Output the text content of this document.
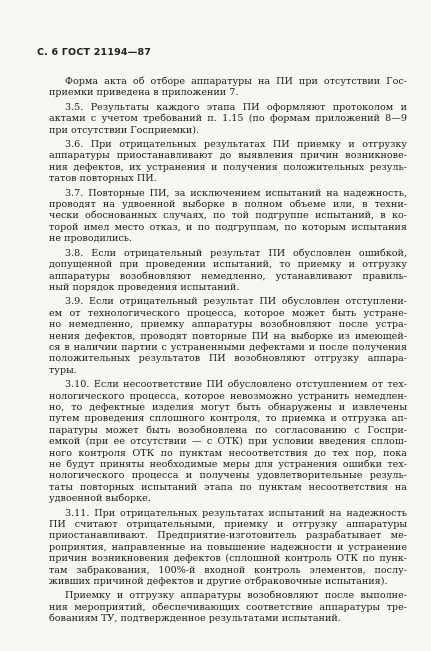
С. 6 ГОСТ 21194—87
Форма акта об отборе аппаратуры на ПИ при отсутствии Гос-
приемки приведена в приложении 7.
3.5. Результаты каждого этапа ПИ оформляют протоколом и
актами с учетом требований п. 1.15 (по формам приложений 8—9
при отсутствии Госприемки).
3.6. При отрицательных результатах ПИ приемку и отгрузку
аппаратуры приостанавливают до выявления причин возникнове-
ния дефектов, их устранения и получения положительных резуль-
татов повторных ПИ.
3.7. Повторные ПИ, за исключением испытаний на надежность,
проводят на удвоенной выборке в полном объеме или, в техни-
чески обоснованных случаях, по той подгруппе испытаний, в ко-
торой имел место отказ, и по подгруппам, по которым испытания
не проводились.
3.8. Если отрицательный результат ПИ обусловлен ошибкой,
допущенной при проведении испытаний, то приемку и отгрузку
аппаратуры возобновляют немедленно, устанавливают правиль-
ный порядок проведения испытаний.
3.9. Если отрицательный результат ПИ обусловлен отступлени-
ем от технологического процесса, которое может быть устране-
но немедленно, приемку аппаратуры возобновляют после устра-
нения дефектов, проводят повторные ПИ на выборке из имеющей-
ся в наличии партии с устраненными дефектами и после получения
положительных результатов ПИ возобновляют отгрузку аппара-
туры.
3.10. Если несоответствие ПИ обусловлено отступлением от тех-
нологического процесса, которое невозможно устранить немедлен-
но, то дефектные изделия могут быть обнаружены и извлечены
путем проведения сплошного контроля, то приемка и отгрузка ап-
паратуры может быть возобновлена по согласованию с Госпри-
емкой (при ее отсутствии — с ОТК) при условии введения сплош-
ного контроля ОТК по пунктам несоответствия до тех пор, пока
не будут приняты необходимые меры для устранения ошибки тех-
нологического процесса и получены удовлетворительные резуль-
таты повторных испытаний этапа по пунктам несоответствия на
удвоенной выборке.
3.11. При отрицательных результатах испытаний на надежность
ПИ считают отрицательными, приемку и отгрузку аппаратуры
приостанавливают. Предприятие-изготовитель разрабатывает ме-
роприятия, направленные на повышение надежности и устранение
причин возникновения дефектов (сплошной контроль ОТК по пунк-
там забракования, 100%-й входной контроль элементов, послу-
живших причиной дефектов и другие отбраковочные испытания).
Приемку и отгрузку аппаратуры возобновляют после выполне-
ния мероприятий, обеспечивающих соответствие аппаратуры тре-
бованиям ТУ, подтвержденное результатами испытаний.
